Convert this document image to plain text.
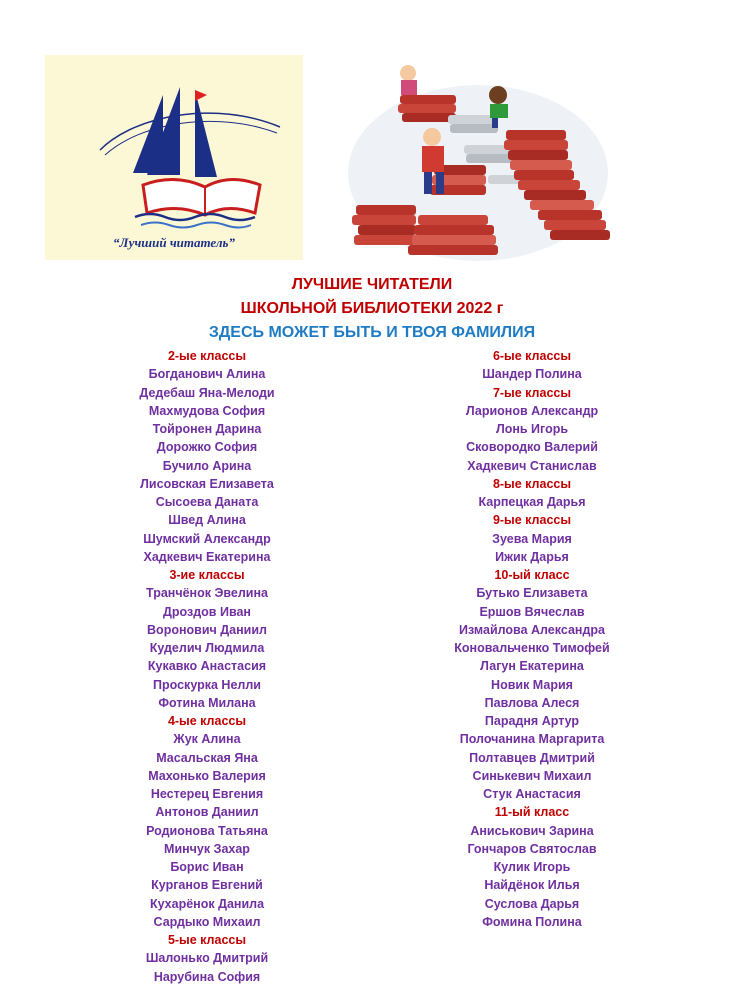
2022
“Лучший читатель”
ЛУЧШИЕ ЧИТАТЕЛИ
ШКОЛЬНОЙ БИБЛИОТЕКИ 2022 г
ЗДЕСЬ МОЖЕТ БЫТЬ И ТВОЯ ФАМИЛИЯ
2-ые классы
Богданович Алина
Дедебаш Яна-Мелоди
Махмудова София
Тойронен Дарина
Дорожко София
Бучило Арина
Лисовская Елизавета
Сысоева Даната
Швед Алина
Шумский Александр
Хадкевич Екатерина
3-ие классы
Транчёнок Эвелина
Дроздов Иван
Воронович Даниил
Куделич Людмила
Кукавко Анастасия
Проскурка Нелли
Фотина Милана
4-ые классы
Жук Алина
Масальская Яна
Махонько Валерия
Нестерец Евгения
Антонов Даниил
Родионова Татьяна
Минчук Захар
Борис Иван
Курганов Евгений
Кухарёнок Данила
Сардыко Михаил
5-ые классы
Шалонько Дмитрий
Нарубина София
6-ые классы
Шандер Полина
7-ые классы
Ларионов Александр
Лонь Игорь
Сковородко Валерий
Хадкевич Станислав
8-ые классы
Карпецкая Дарья
9-ые классы
Зуева Мария
Ижик Дарья
10-ый класс
Бутько Елизавета
Ершов Вячеслав
Измайлова Александра
Коновальченко Тимофей
Лагун Екатерина
Новик Мария
Павлова Алеся
Парадня Артур
Полочанина Маргарита
Полтавцев Дмитрий
Синькевич Михаил
Стук Анастасия
11-ый класс
Аниськович Зарина
Гончаров Святослав
Кулик Игорь
Найдёнок Илья
Суслова Дарья
Фомина Полина
